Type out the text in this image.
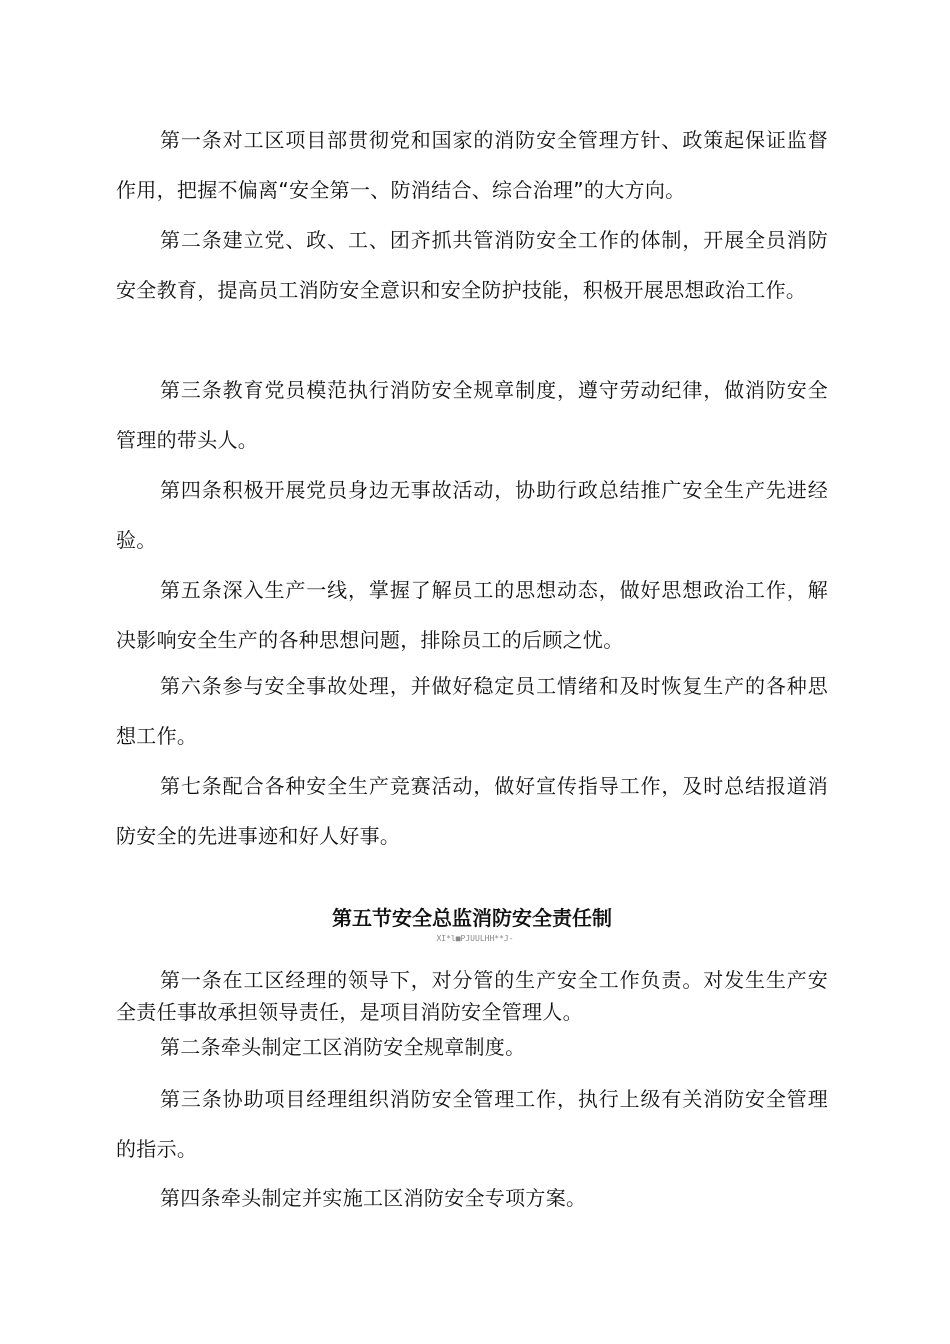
第一条对工区项目部贯彻党和国家的消防安全管理方针、政策起保证监督作用，把握不偏离“安全第一、防消结合、综合治理”的大方向。

第二条建立党、政、工、团齐抓共管消防安全工作的体制，开展全员消防安全教育，提高员工消防安全意识和安全防护技能，积极开展思想政治工作。

第三条教育党员模范执行消防安全规章制度，遵守劳动纪律，做消防安全管理的带头人。

第四条积极开展党员身边无事故活动，协助行政总结推广安全生产先进经验。

第五条深入生产一线，掌握了解员工的思想动态，做好思想政治工作，解决影响安全生产的各种思想问题，排除员工的后顾之忧。

第六条参与安全事故处理，并做好稳定员工情绪和及时恢复生产的各种思想工作。

第七条配合各种安全生产竞赛活动，做好宣传指导工作，及时总结报道消防安全的先进事迹和好人好事。

第五节安全总监消防安全责任制
XI*l■PJUULHH**J-

第一条在工区经理的领导下，对分管的生产安全工作负责。对发生生产安全责任事故承担领导责任，是项目消防安全管理人。

第二条牵头制定工区消防安全规章制度。

第三条协助项目经理组织消防安全管理工作，执行上级有关消防安全管理的指示。

第四条牵头制定并实施工区消防安全专项方案。
